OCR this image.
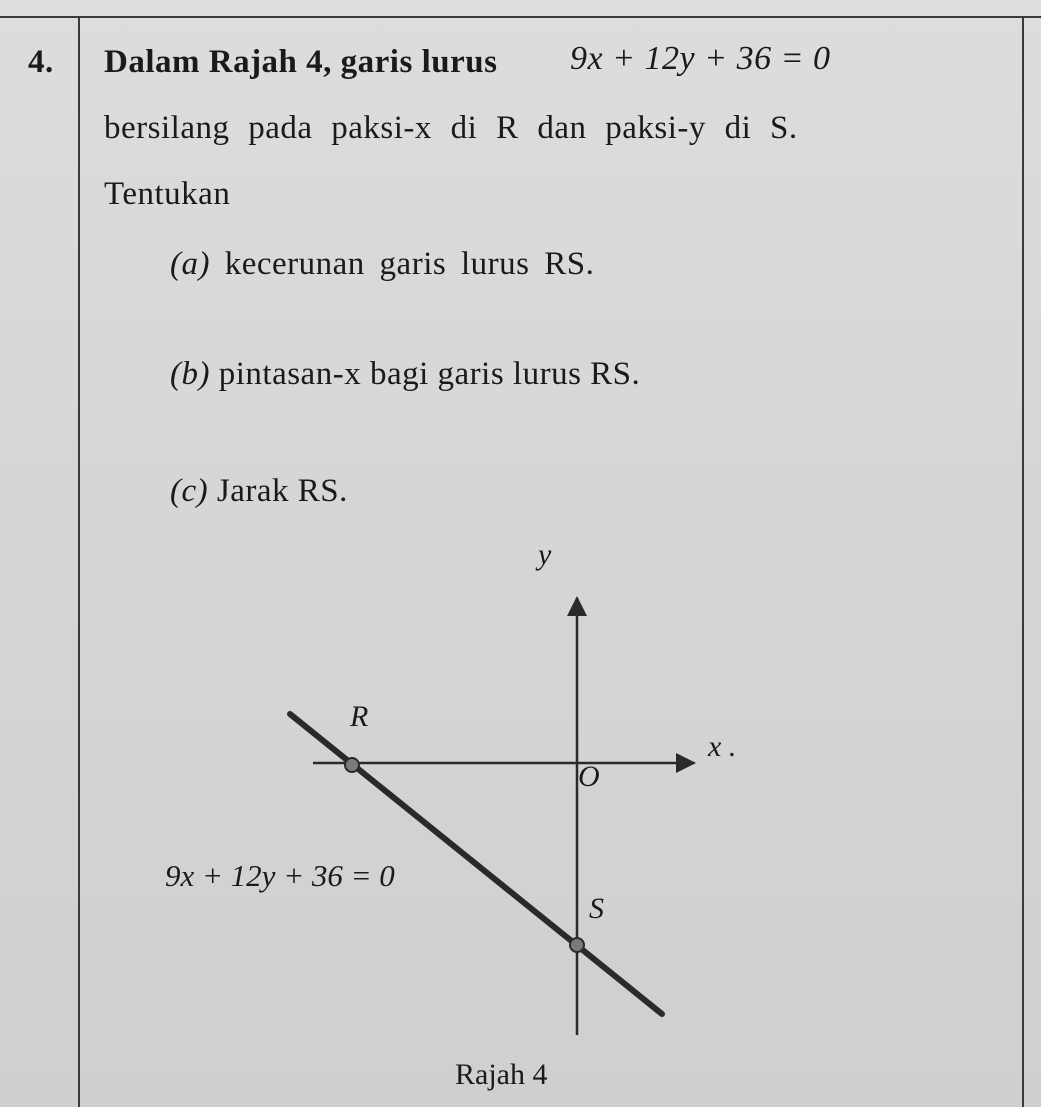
4. Dalam Rajah 4, garis lurus 9x + 12y + 36 = 0
bersilang pada paksi-x di R dan paksi-y di S.
Tentukan
(a) kecerunan garis lurus RS.
(b) pintasan-x bagi garis lurus RS.
(c) Jarak RS.
y
x .
R
O
S
9x + 12y + 36 = 0
Rajah 4
